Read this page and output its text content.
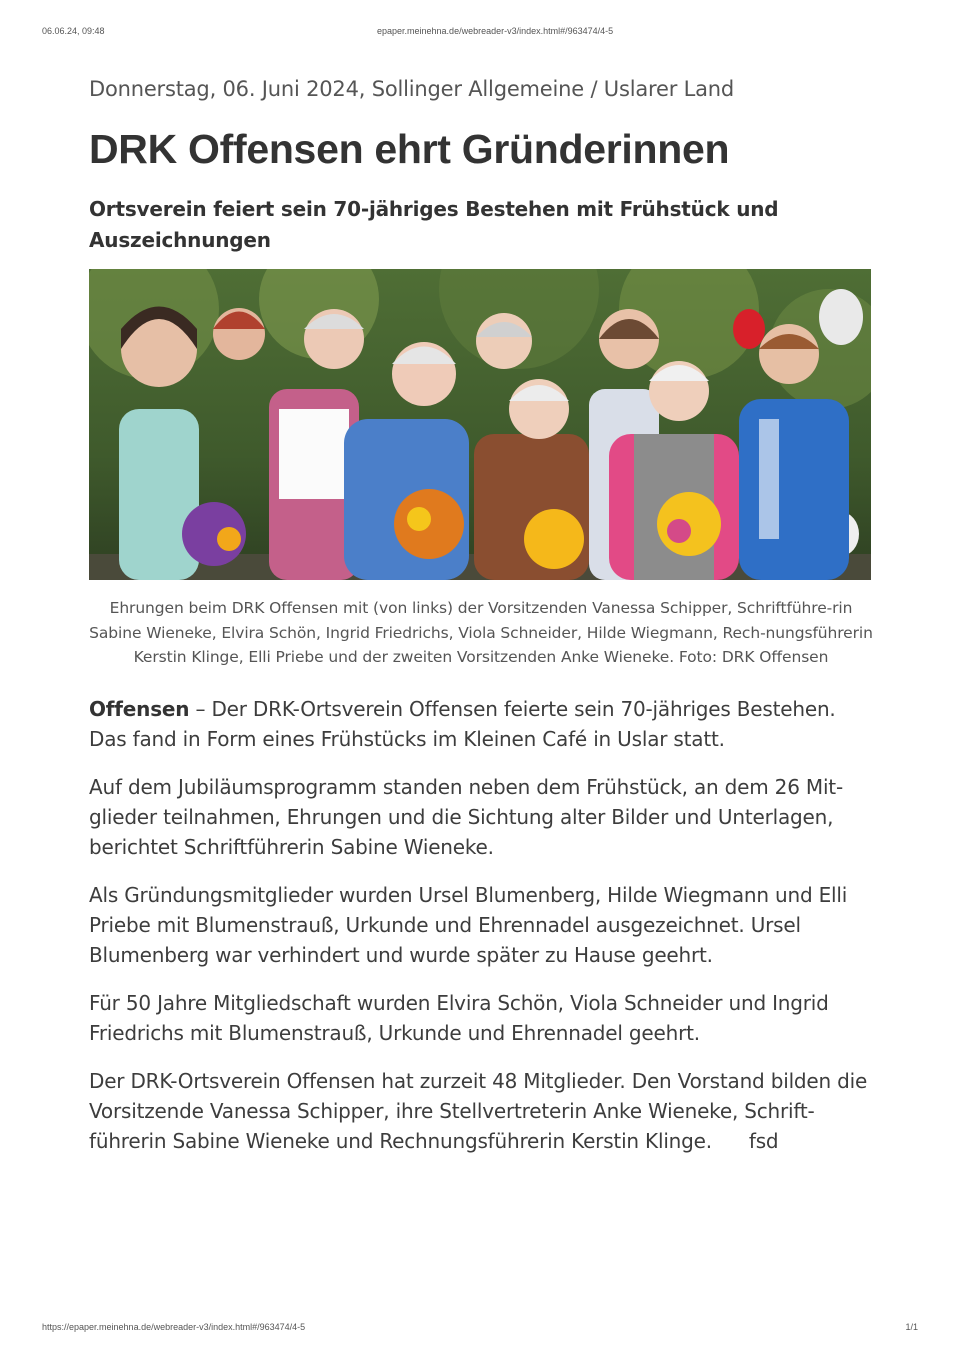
06.06.24, 09:48	epaper.meinehna.de/webreader-v3/index.html#/963474/4-5
Donnerstag, 06. Juni 2024, Sollinger Allgemeine / Uslarer Land
DRK Offensen ehrt Gründerinnen
Ortsverein feiert sein 70-jähriges Bestehen mit Frühstück und Auszeichnungen
Ehrungen beim DRK Offensen mit (von links) der Vorsitzenden Vanessa Schipper, Schriftführe-rin Sabine Wieneke, Elvira Schön, Ingrid Friedrichs, Viola Schneider, Hilde Wiegmann, Rech-nungsführerin Kerstin Klinge, Elli Priebe und der zweiten Vorsitzenden Anke Wieneke. Foto: DRK Offensen

Offensen – Der DRK-Ortsverein Offensen feierte sein 70-jähriges Bestehen. Das fand in Form eines Frühstücks im Kleinen Café in Uslar statt.

Auf dem Jubiläumsprogramm standen neben dem Frühstück, an dem 26 Mit-glieder teilnahmen, Ehrungen und die Sichtung alter Bilder und Unterlagen, berichtet Schriftführerin Sabine Wieneke.

Als Gründungsmitglieder wurden Ursel Blumenberg, Hilde Wiegmann und Elli Priebe mit Blumenstrauß, Urkunde und Ehrennadel ausgezeichnet. Ursel Blumenberg war verhindert und wurde später zu Hause geehrt.

Für 50 Jahre Mitgliedschaft wurden Elvira Schön, Viola Schneider und Ingrid Friedrichs mit Blumenstrauß, Urkunde und Ehrennadel geehrt.

Der DRK-Ortsverein Offensen hat zurzeit 48 Mitglieder. Den Vorstand bilden die Vorsitzende Vanessa Schipper, ihre Stellvertreterin Anke Wieneke, Schrift-führerin Sabine Wieneke und Rechnungsführerin Kerstin Klinge.      fsd

https://epaper.meinehna.de/webreader-v3/index.html#/963474/4-5	1/1
